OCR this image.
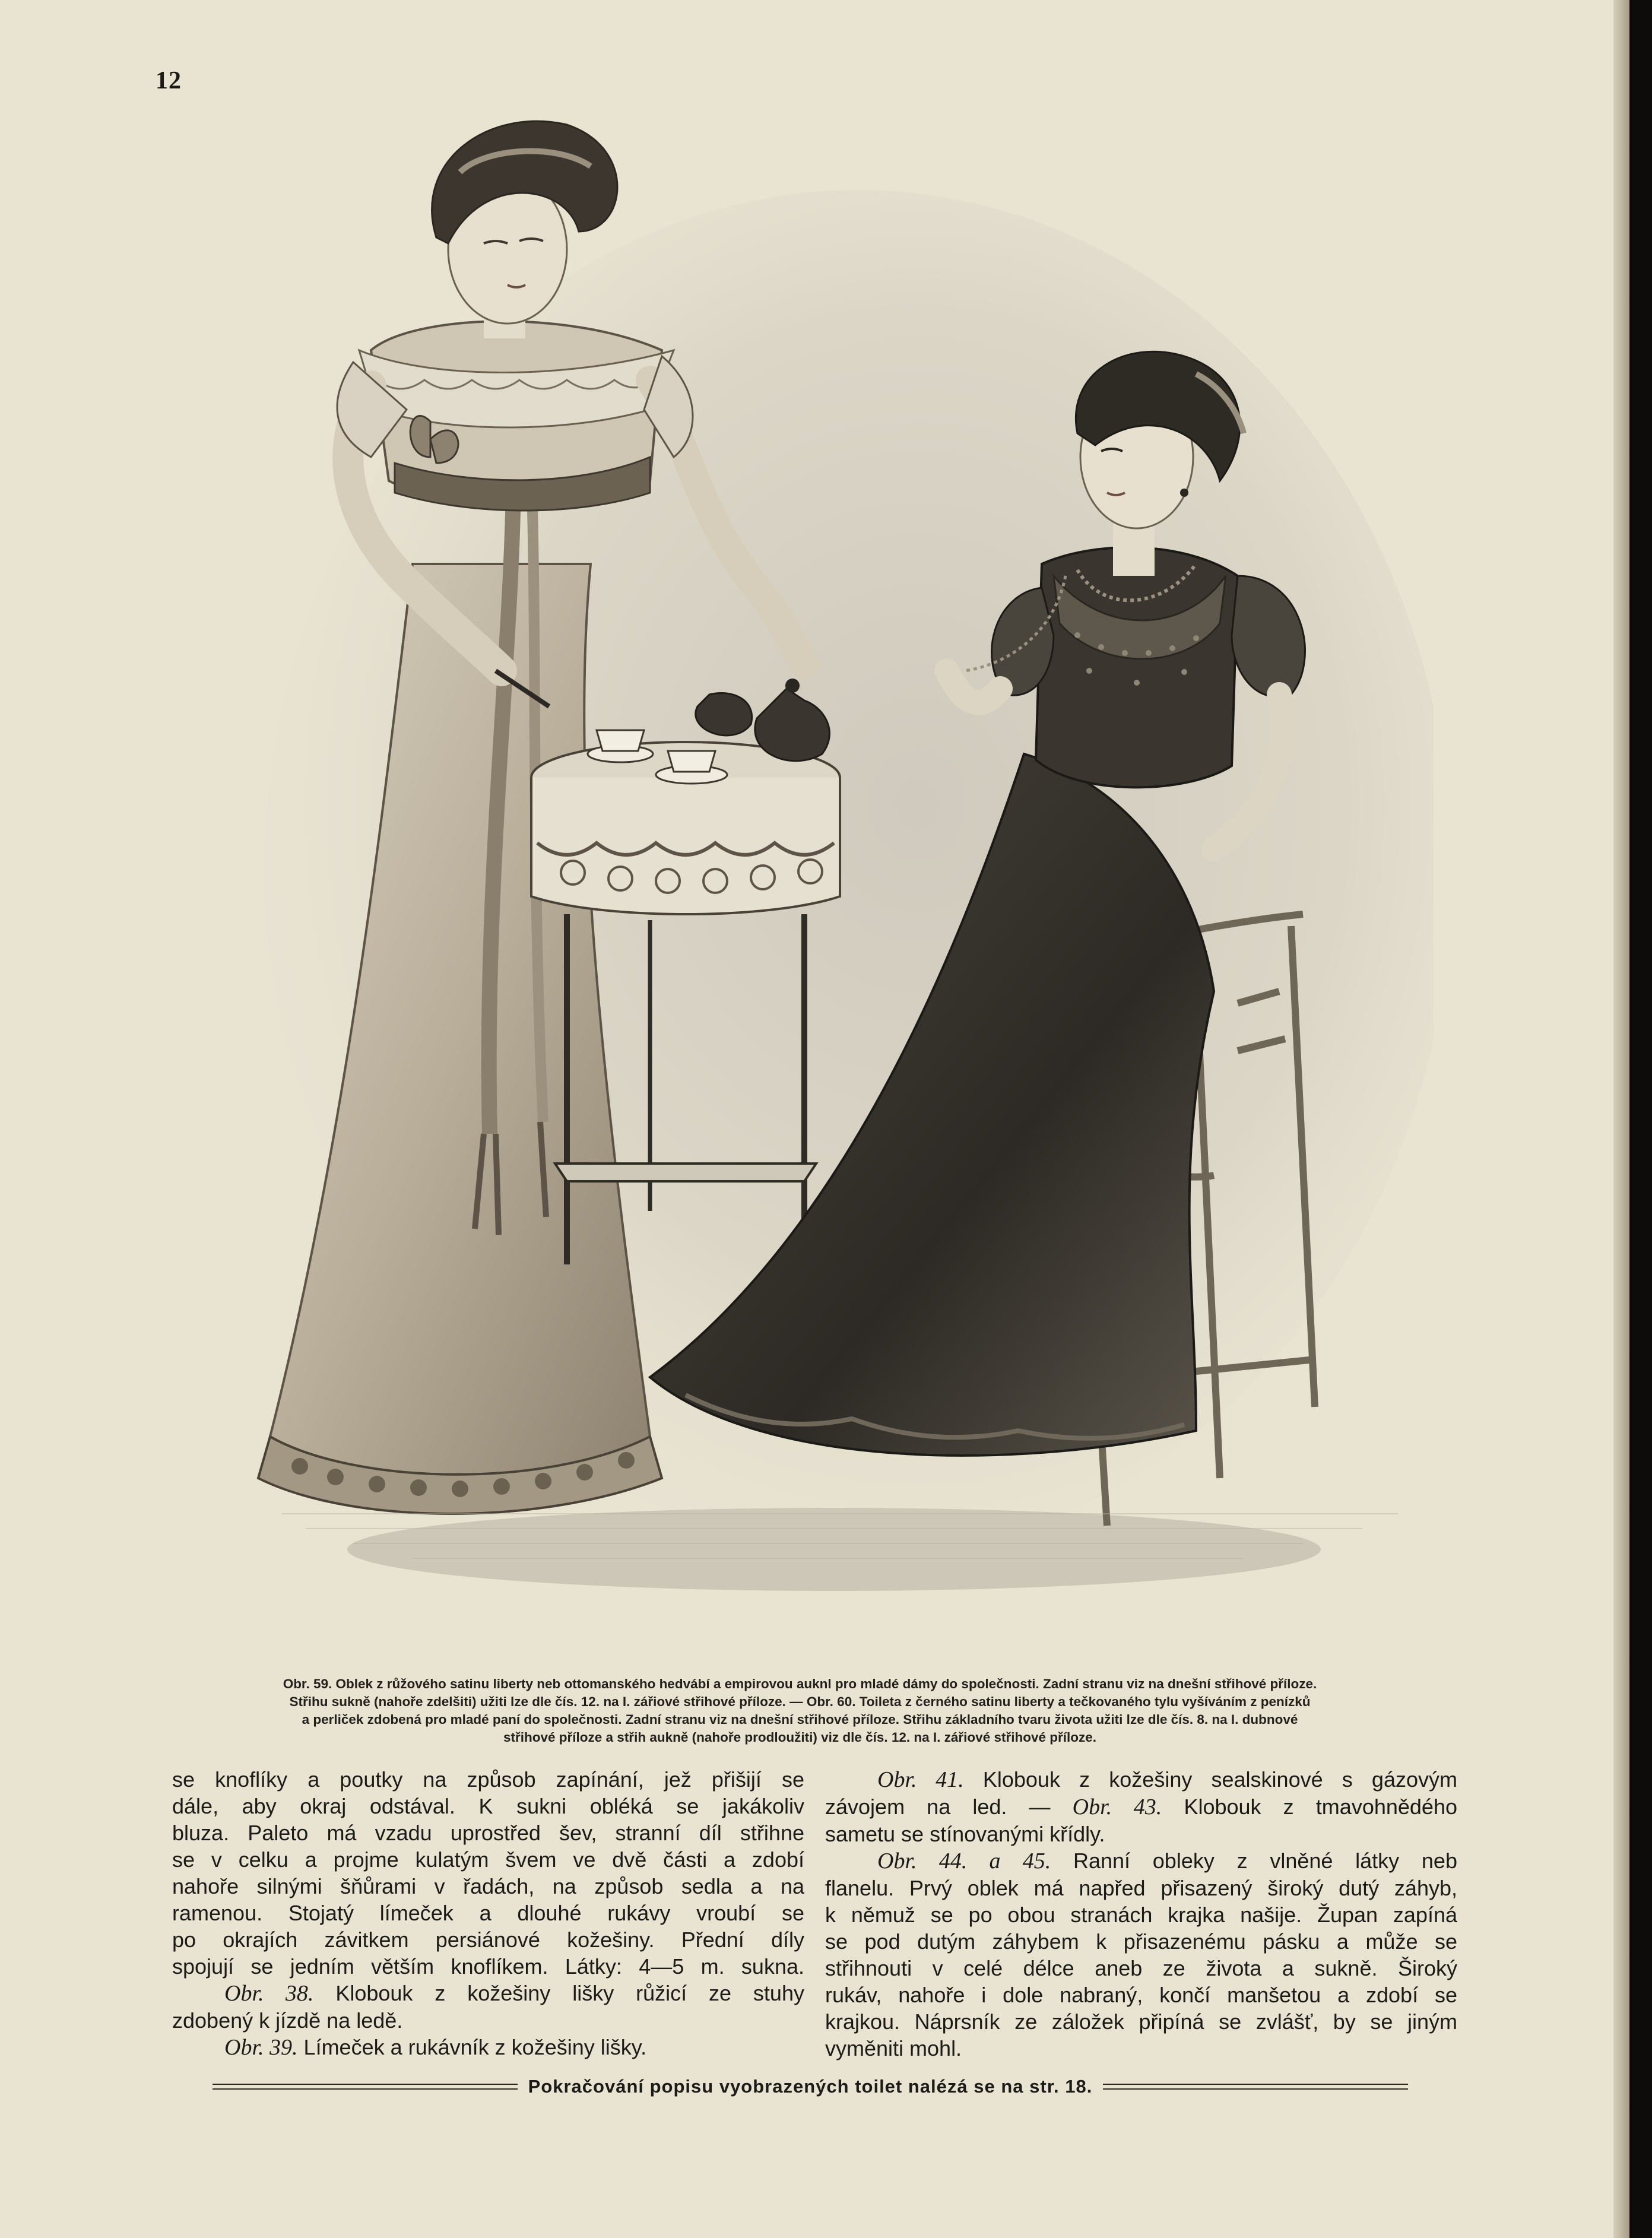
12
Obr. 59. Oblek z růžového satinu liberty neb ottomanského hedvábí a empirovou auknl pro mladé dámy do společnosti. Zadní stranu viz na dnešní střihové příloze.
Střihu sukně (nahoře zdelšiti) užiti lze dle čís. 12. na I. zářiové střihové příloze. — Obr. 60. Toileta z černého satinu liberty a tečkovaného tylu vyšíváním z penízků
a perliček zdobená pro mladé paní do společnosti. Zadní stranu viz na dnešní střihové příloze. Střihu základního tvaru života užiti lze dle čís. 8. na I. dubnové
střihové příloze a střih aukně (nahoře prodloužiti) viz dle čís. 12. na I. zářiové střihové příloze.
se knoflíky a poutky na způsob zapínání, jež přišijí se
dále, aby okraj odstával. K sukni obléká se jakákoliv
bluza. Paleto má vzadu uprostřed šev, stranní díl střihne
se v celku a projme kulatým švem ve dvě části a zdobí
nahoře silnými šňůrami v řadách, na způsob sedla a na
ramenou. Stojatý límeček a dlouhé rukávy vroubí se
po okrajích závitkem persiánové kožešiny. Přední díly
spojují se jedním větším knoflíkem. Látky: 4—5 m. sukna.
Obr. 38. Klobouk z kožešiny lišky růžicí ze stuhy
zdobený k jízdě na ledě.
Obr. 39. Límeček a rukávník z kožešiny lišky.
Obr. 41. Klobouk z kožešiny sealskinové s gázovým
závojem na led. — Obr. 43. Klobouk z tmavohnědého
sametu se stínovanými křídly.
Obr. 44. a 45. Ranní obleky z vlněné látky neb
flanelu. Prvý oblek má napřed přisazený široký dutý záhyb,
k němuž se po obou stranách krajka našije. Župan zapíná
se pod dutým záhybem k přisazenému pásku a může se
střihnouti v celé délce aneb ze života a sukně. Široký
rukáv, nahoře i dole nabraný, končí manšetou a zdobí se
krajkou. Náprsník ze záložek připíná se zvlášť, by se jiným
vyměniti mohl.
Pokračování popisu vyobrazených toilet nalézá se na str. 18.
